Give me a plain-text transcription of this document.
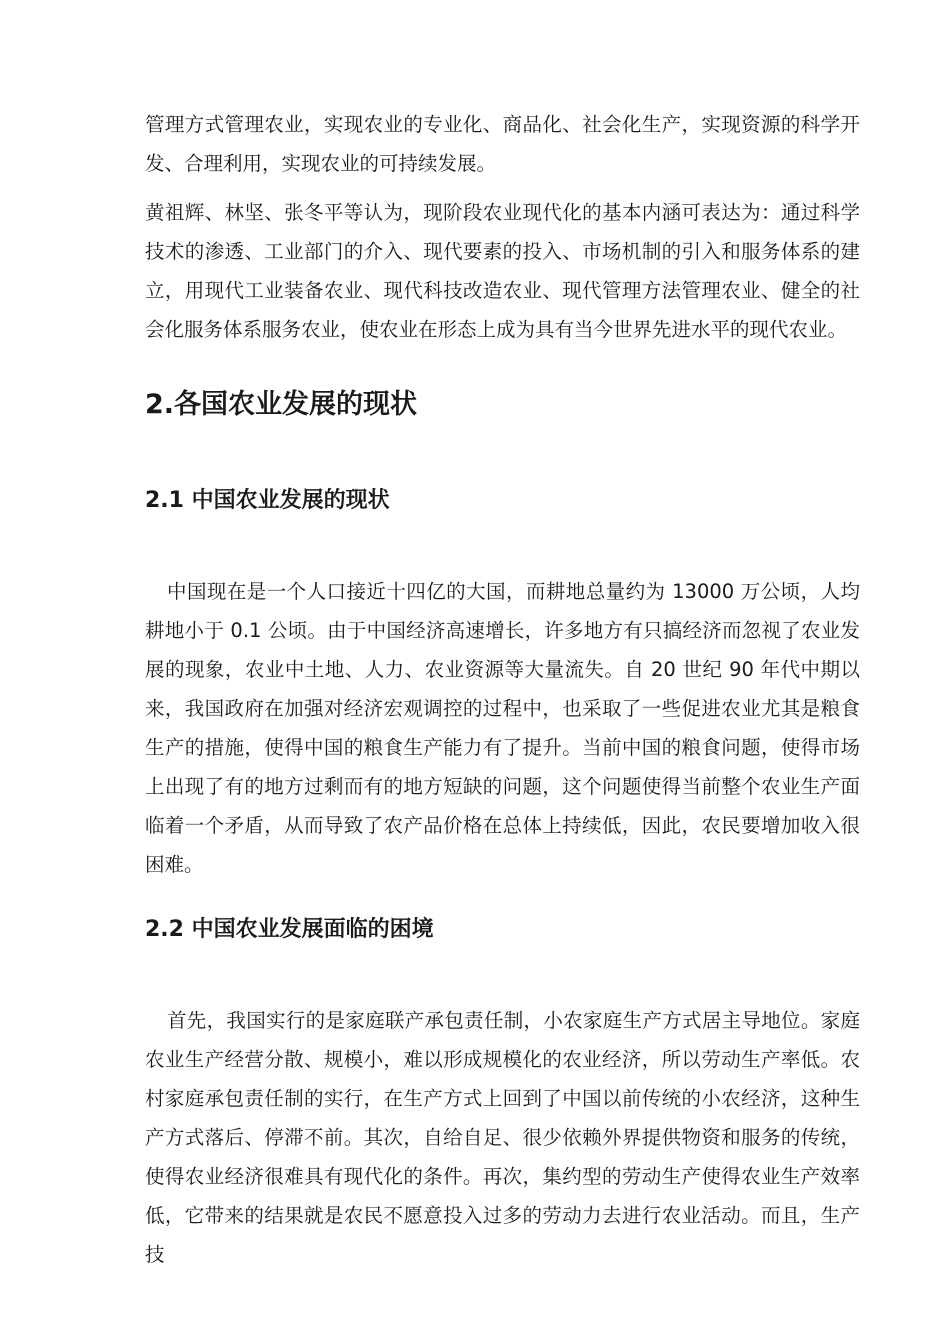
管理方式管理农业，实现农业的专业化、商品化、社会化生产，实现资源的科学开发、合理利用，实现农业的可持续发展。

黄祖辉、林坚、张冬平等认为，现阶段农业现代化的基本内涵可表达为：通过科学技术的渗透、工业部门的介入、现代要素的投入、市场机制的引入和服务体系的建立，用现代工业装备农业、现代科技改造农业、现代管理方法管理农业、健全的社会化服务体系服务农业，使农业在形态上成为具有当今世界先进水平的现代农业。

2.各国农业发展的现状
2.1 中国农业发展的现状

中国现在是一个人口接近十四亿的大国，而耕地总量约为 13000 万公顷，人均耕地小于 0.1 公顷。由于中国经济高速增长，许多地方有只搞经济而忽视了农业发展的现象，农业中土地、人力、农业资源等大量流失。自 20 世纪 90 年代中期以来，我国政府在加强对经济宏观调控的过程中，也采取了一些促进农业尤其是粮食生产的措施，使得中国的粮食生产能力有了提升。当前中国的粮食问题，使得市场上出现了有的地方过剩而有的地方短缺的问题，这个问题使得当前整个农业生产面临着一个矛盾，从而导致了农产品价格在总体上持续低，因此，农民要增加收入很困难。

2.2 中国农业发展面临的困境

首先，我国实行的是家庭联产承包责任制，小农家庭生产方式居主导地位。家庭农业生产经营分散、规模小，难以形成规模化的农业经济，所以劳动生产率低。农村家庭承包责任制的实行，在生产方式上回到了中国以前传统的小农经济，这种生产方式落后、停滞不前。其次，自给自足、很少依赖外界提供物资和服务的传统，使得农业经济很难具有现代化的条件。再次，集约型的劳动生产使得农业生产效率低，它带来的结果就是农民不愿意投入过多的劳动力去进行农业活动。而且，生产技
